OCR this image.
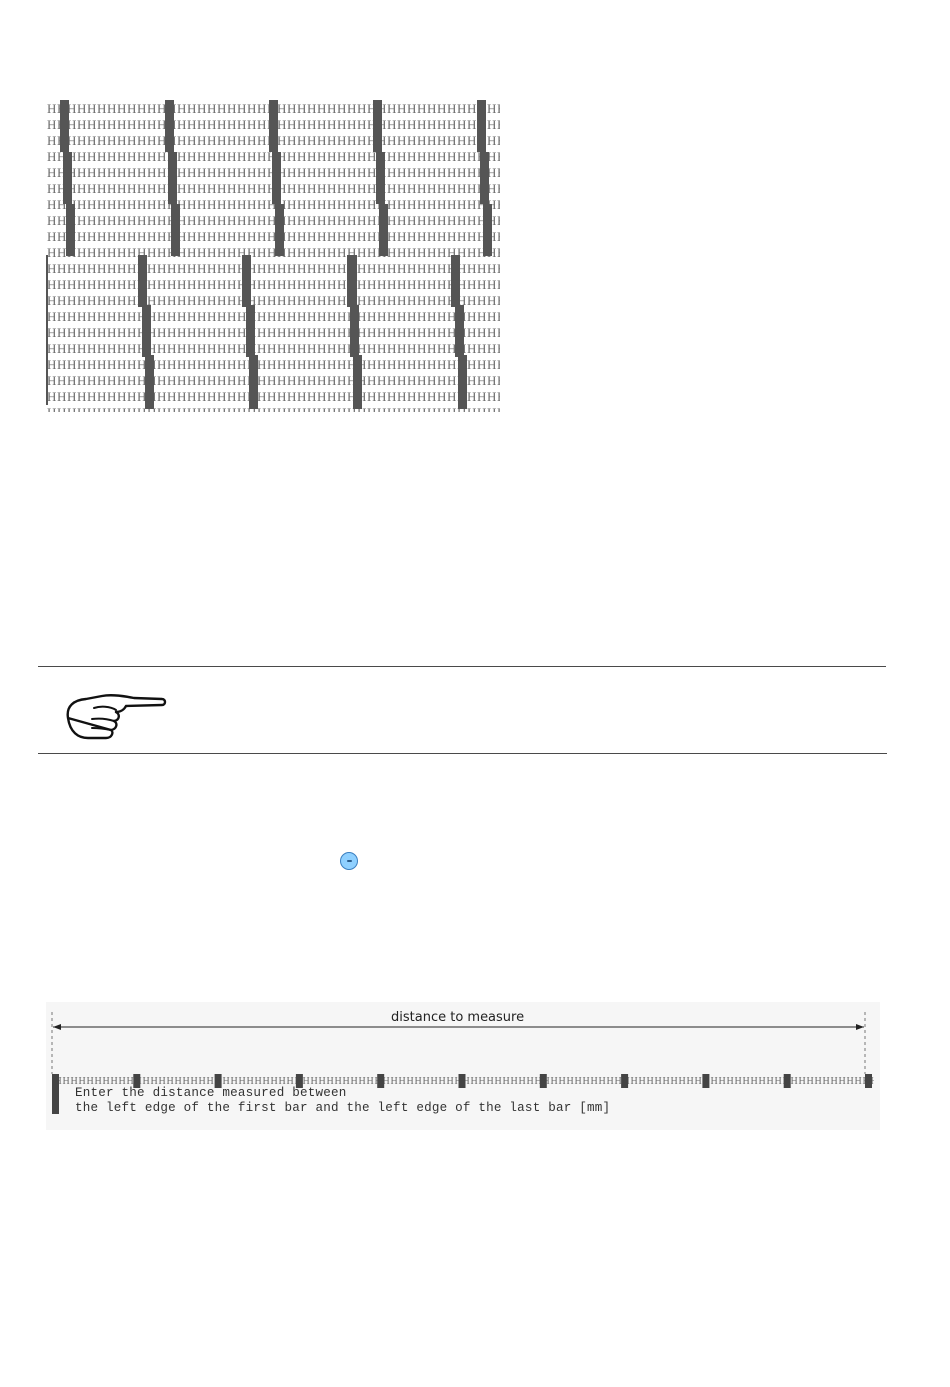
distance to measure
Enter the distance measured between
the left edge of the first bar and the left edge of the last bar [mm]
